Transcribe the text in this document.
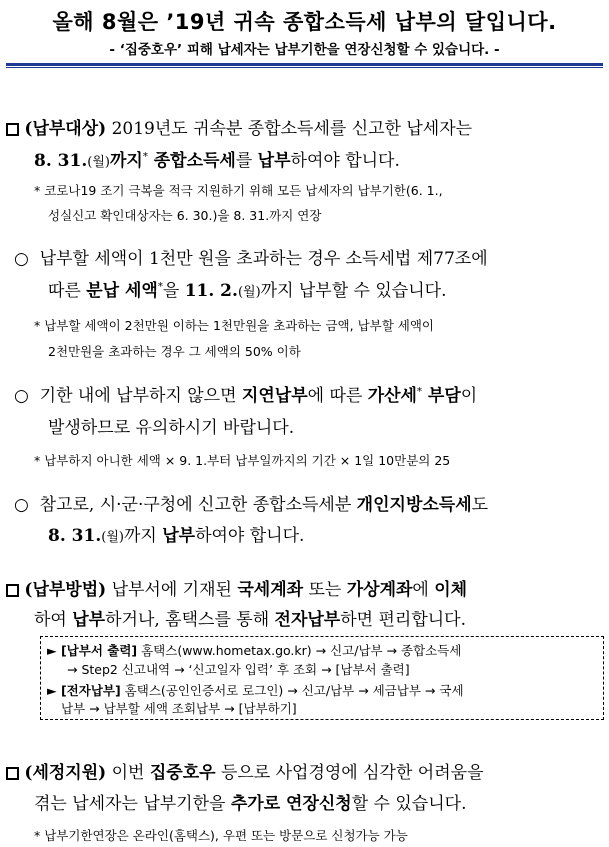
올해 8월은 ’19년 귀속 종합소득세 납부의 달입니다.
- ‘집중호우’ 피해 납세자는 납부기한을 연장신청할 수 있습니다. -
(납부대상) 2019년도 귀속분 종합소득세를 신고한 납세자는
8. 31.(월)까지* 종합소득세를 납부하여야 합니다.
* 코로나19 조기 극복을 적극 지원하기 위해 모든 납세자의 납부기한(6. 1.,
성실신고 확인대상자는 6. 30.)을 8. 31.까지 연장
○ 납부할 세액이 1천만 원을 초과하는 경우 소득세법 제77조에
따른 분납 세액*을 11. 2.(월)까지 납부할 수 있습니다.
* 납부할 세액이 2천만원 이하는 1천만원을 초과하는 금액, 납부할 세액이
2천만원을 초과하는 경우 그 세액의 50% 이하
○ 기한 내에 납부하지 않으면 지연납부에 따른 가산세* 부담이
발생하므로 유의하시기 바랍니다.
* 납부하지 아니한 세액 × 9. 1.부터 납부일까지의 기간 × 1일 10만분의 25
○ 참고로, 시·군·구청에 신고한 종합소득세분 개인지방소득세도
8. 31.(월)까지 납부하여야 합니다.
(납부방법) 납부서에 기재된 국세계좌 또는 가상계좌에 이체
하여 납부하거나, 홈택스를 통해 전자납부하면 편리합니다.
► [납부서 출력] 홈택스(www.hometax.go.kr) → 신고/납부 → 종합소득세
→ Step2 신고내역 → ‘신고일자 입력’ 후 조회 → [납부서 출력]
► [전자납부] 홈택스(공인인증서로 로그인) → 신고/납부 → 세금납부 → 국세
납부 → 납부할 세액 조회납부 → [납부하기]
(세정지원) 이번 집중호우 등으로 사업경영에 심각한 어려움을
겪는 납세자는 납부기한을 추가로 연장신청할 수 있습니다.
* 납부기한연장은 온라인(홈택스), 우편 또는 방문으로 신청가능 가능
